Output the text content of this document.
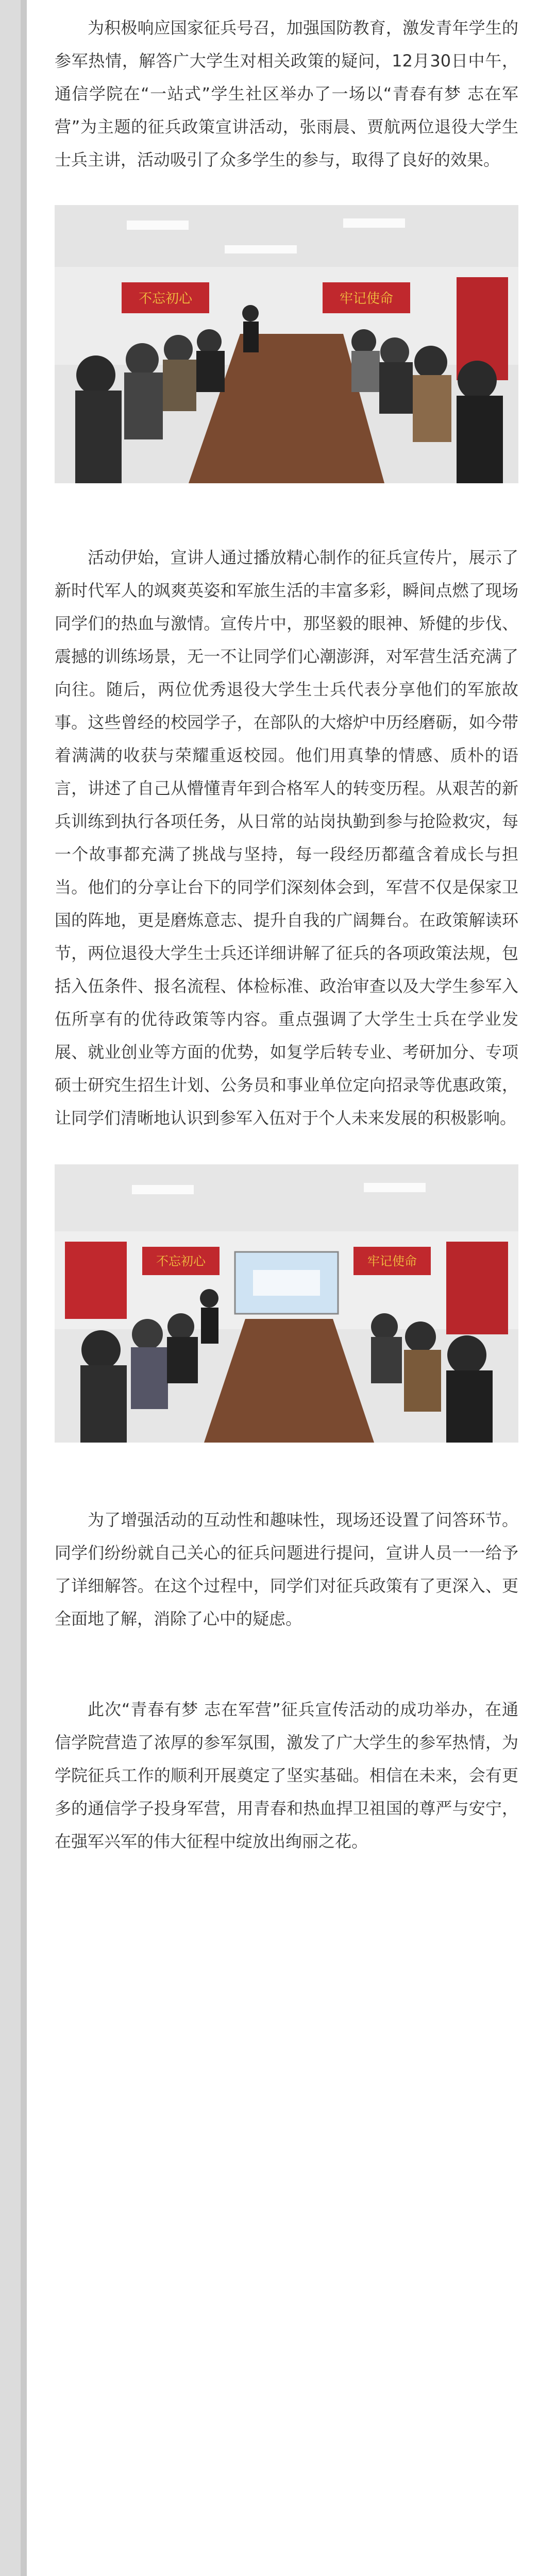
为积极响应国家征兵号召，加强国防教育，激发青年学生的参军热情，解答广大学生对相关政策的疑问，12月30日中午，通信学院在“一站式”学生社区举办了一场以“青春有梦 志在军营”为主题的征兵政策宣讲活动，张雨晨、贾航两位退役大学生士兵主讲，活动吸引了众多学生的参与，取得了良好的效果。

不忘初心	牢记使命

活动伊始，宣讲人通过播放精心制作的征兵宣传片，展示了新时代军人的飒爽英姿和军旅生活的丰富多彩，瞬间点燃了现场同学们的热血与激情。宣传片中，那坚毅的眼神、矫健的步伐、震撼的训练场景，无一不让同学们心潮澎湃，对军营生活充满了向往。随后，两位优秀退役大学生士兵代表分享他们的军旅故事。这些曾经的校园学子，在部队的大熔炉中历经磨砺，如今带着满满的收获与荣耀重返校园。他们用真挚的情感、质朴的语言，讲述了自己从懵懂青年到合格军人的转变历程。从艰苦的新兵训练到执行各项任务，从日常的站岗执勤到参与抢险救灾，每一个故事都充满了挑战与坚持，每一段经历都蕴含着成长与担当。他们的分享让台下的同学们深刻体会到，军营不仅是保家卫国的阵地，更是磨炼意志、提升自我的广阔舞台。在政策解读环节，两位退役大学生士兵还详细讲解了征兵的各项政策法规，包括入伍条件、报名流程、体检标准、政治审查以及大学生参军入伍所享有的优待政策等内容。重点强调了大学生士兵在学业发展、就业创业等方面的优势，如复学后转专业、考研加分、专项硕士研究生招生计划、公务员和事业单位定向招录等优惠政策，让同学们清晰地认识到参军入伍对于个人未来发展的积极影响。

不忘初心	牢记使命

为了增强活动的互动性和趣味性，现场还设置了问答环节。同学们纷纷就自己关心的征兵问题进行提问，宣讲人员一一给予了详细解答。在这个过程中，同学们对征兵政策有了更深入、更全面地了解，消除了心中的疑虑。

此次“青春有梦 志在军营”征兵宣传活动的成功举办，在通信学院营造了浓厚的参军氛围，激发了广大学生的参军热情，为学院征兵工作的顺利开展奠定了坚实基础。相信在未来，会有更多的通信学子投身军营，用青春和热血捍卫祖国的尊严与安宁，在强军兴军的伟大征程中绽放出绚丽之花。
